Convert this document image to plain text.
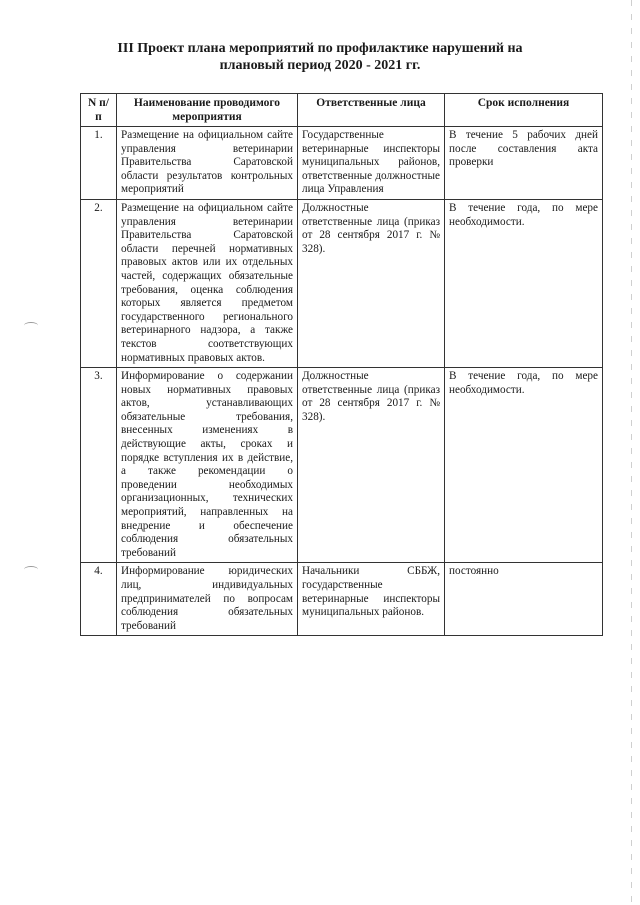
III Проект плана мероприятий по профилактике нарушений на
плановый период 2020 - 2021 гг.
N п/п	Наименование проводимого мероприятия	Ответственные лица	Срок исполнения
1.	Размещение на официальном сайте управления ветеринарии Правительства Саратовской области результатов контрольных мероприятий	Государственные ветеринарные инспекторы муниципальных районов, ответственные должностные лица Управления	В течение 5 рабочих дней после составления акта проверки
2.	Размещение на официальном сайте управления ветеринарии Правительства Саратовской области перечней нормативных правовых актов или их отдельных частей, содержащих обязательные требования, оценка соблюдения которых является предметом государственного регионального ветеринарного надзора, а также текстов соответствующих нормативных правовых актов.	Должностные ответственные лица (приказ от 28 сентября 2017 г. № 328).	В течение года, по мере необходимости.
3.	Информирование о содержании новых нормативных правовых актов, устанавливающих обязательные требования, внесенных изменениях в действующие акты, сроках и порядке вступления их в действие, а также рекомендации о проведении необходимых организационных, технических мероприятий, направленных на внедрение и обеспечение соблюдения обязательных требований	Должностные ответственные лица (приказ от 28 сентября 2017 г. № 328).	В течение года, по мере необходимости.
4.	Информирование юридических лиц, индивидуальных предпринимателей по вопросам соблюдения обязательных требований	Начальники СББЖ, государственные ветеринарные инспекторы муниципальных районов.	постоянно
